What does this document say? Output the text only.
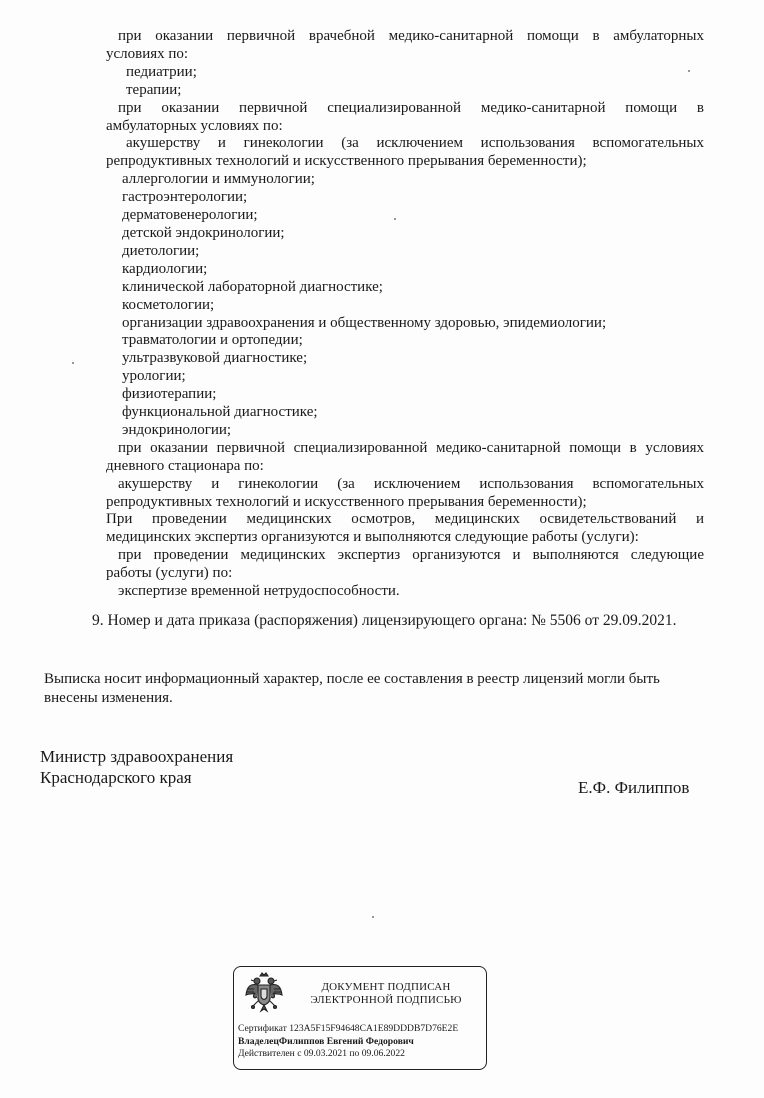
при оказании первичной врачебной медико-санитарной помощи в амбулаторных
условиях по:
педиатрии;
терапии;
при оказании первичной специализированной медико-санитарной помощи в
амбулаторных условиях по:
акушерству и гинекологии (за исключением использования вспомогательных
репродуктивных технологий и искусственного прерывания беременности);
аллергологии и иммунологии;
гастроэнтерологии;
дерматовенерологии;
детской эндокринологии;
диетологии;
кардиологии;
клинической лабораторной диагностике;
косметологии;
организации здравоохранения и общественному здоровью, эпидемиологии;
травматологии и ортопедии;
ультразвуковой диагностике;
урологии;
физиотерапии;
функциональной диагностике;
эндокринологии;
при оказании первичной специализированной медико-санитарной помощи в условиях
дневного стационара по:
акушерству и гинекологии (за исключением использования вспомогательных
репродуктивных технологий и искусственного прерывания беременности);
При проведении медицинских осмотров, медицинских освидетельствований и
медицинских экспертиз организуются и выполняются следующие работы (услуги):
при проведении медицинских экспертиз организуются и выполняются следующие
работы (услуги) по:
экспертизе временной нетрудоспособности.
9. Номер и дата приказа (распоряжения) лицензирующего органа: № 5506 от 29.09.2021.
Выписка носит информационный характер, после ее составления в реестр лицензий могли быть внесены изменения.
Министр здравоохранения
Краснодарского края
Е.Ф. Филиппов
ДОКУМЕНТ ПОДПИСАН
ЭЛЕКТРОННОЙ ПОДПИСЬЮ
Сертификат 123A5F15F94648CA1E89DDDB7D76E2E
ВладелецФилиппов Евгений Федорович
Действителен с 09.03.2021 по 09.06.2022
